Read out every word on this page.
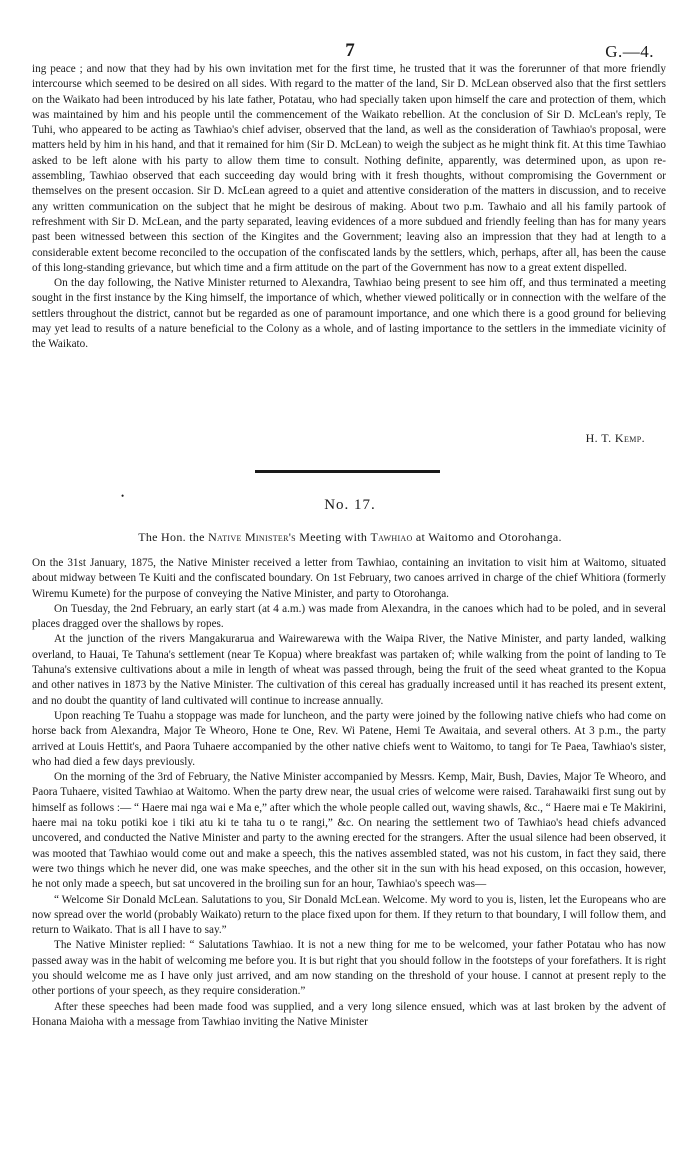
7	G.—4.

ing peace ; and now that they had by his own invitation met for the first time, he trusted that it was the forerunner of that more friendly intercourse which seemed to be desired on all sides. With regard to the matter of the land, Sir D. McLean observed also that the first settlers on the Waikato had been introduced by his late father, Potatau, who had specially taken upon himself the care and protection of them, which was maintained by him and his people until the commencement of the Waikato rebellion. At the conclusion of Sir D. McLean's reply, Te Tuhi, who appeared to be acting as Tawhiao's chief adviser, observed that the land, as well as the consideration of Tawhiao's proposal, were matters held by him in his hand, and that it remained for him (Sir D. McLean) to weigh the subject as he might think fit. At this time Tawhiao asked to be left alone with his party to allow them time to consult. Nothing definite, apparently, was determined upon, as upon re-assembling, Tawhiao observed that each succeeding day would bring with it fresh thoughts, without compromising the Government or themselves on the present occasion. Sir D. McLean agreed to a quiet and attentive consideration of the matters in discussion, and to receive any written communication on the subject that he might be desirous of making. About two p.m. Tawhaio and all his family partook of refreshment with Sir D. McLean, and the party separated, leaving evidences of a more subdued and friendly feeling than has for many years past been witnessed between this section of the Kingites and the Government; leaving also an impression that they had at length to a considerable extent become reconciled to the occupation of the confiscated lands by the settlers, which, perhaps, after all, has been the cause of this long-standing grievance, but which time and a firm attitude on the part of the Government has now to a great extent dispelled.

On the day following, the Native Minister returned to Alexandra, Tawhiao being present to see him off, and thus terminated a meeting sought in the first instance by the King himself, the importance of which, whether viewed politically or in connection with the welfare of the settlers throughout the district, cannot but be regarded as one of paramount importance, and one which there is a good ground for believing may yet lead to results of a nature beneficial to the Colony as a whole, and of lasting importance to the settlers in the immediate vicinity of the Waikato.

H. T. Kemp.
•
No. 17.
The Hon. the Native Minister's Meeting with Tawhiao at Waitomo and Otorohanga.

On the 31st January, 1875, the Native Minister received a letter from Tawhiao, containing an invitation to visit him at Waitomo, situated about midway between Te Kuiti and the confiscated boundary. On 1st February, two canoes arrived in charge of the chief Whitiora (formerly Wiremu Kumete) for the purpose of conveying the Native Minister, and party to Otorohanga.

On Tuesday, the 2nd February, an early start (at 4 a.m.) was made from Alexandra, in the canoes which had to be poled, and in several places dragged over the shallows by ropes.

At the junction of the rivers Mangakurarua and Wairewarewa with the Waipa River, the Native Minister, and party landed, walking overland, to Hauai, Te Tahuna's settlement (near Te Kopua) where breakfast was partaken of; while walking from the point of landing to Te Tahuna's extensive cultivations about a mile in length of wheat was passed through, being the fruit of the seed wheat granted to the Kopua and other natives in 1873 by the Native Minister. The cultivation of this cereal has gradually increased until it has reached its present extent, and no doubt the quantity of land cultivated will continue to increase annually.

Upon reaching Te Tuahu a stoppage was made for luncheon, and the party were joined by the following native chiefs who had come on horse back from Alexandra, Major Te Wheoro, Hone te One, Rev. Wi Patene, Hemi Te Awaitaia, and several others. At 3 p.m., the party arrived at Louis Hettit's, and Paora Tuhaere accompanied by the other native chiefs went to Waitomo, to tangi for Te Paea, Tawhiao's sister, who had died a few days previously.

On the morning of the 3rd of February, the Native Minister accompanied by Messrs. Kemp, Mair, Bush, Davies, Major Te Wheoro, and Paora Tuhaere, visited Tawhiao at Waitomo. When the party drew near, the usual cries of welcome were raised. Tarahawaiki first sung out by himself as follows :— “ Haere mai nga wai e Ma e,” after which the whole people called out, waving shawls, &c., “ Haere mai e Te Makirini, haere mai na toku potiki koe i tiki atu ki te taha tu o te rangi,” &c. On nearing the settlement two of Tawhiao's head chiefs advanced uncovered, and conducted the Native Minister and party to the awning erected for the strangers. After the usual silence had been observed, it was mooted that Tawhiao would come out and make a speech, this the natives assembled stated, was not his custom, in fact they said, there were two things which he never did, one was make speeches, and the other sit in the sun with his head exposed, on this occasion, however, he not only made a speech, but sat uncovered in the broiling sun for an hour, Tawhiao's speech was—

“ Welcome Sir Donald McLean. Salutations to you, Sir Donald McLean. Welcome. My word to you is, listen, let the Europeans who are now spread over the world (probably Waikato) return to the place fixed upon for them. If they return to that boundary, I will follow them, and return to Waikato. That is all I have to say.”

The Native Minister replied: “ Salutations Tawhiao. It is not a new thing for me to be welcomed, your father Potatau who has now passed away was in the habit of welcoming me before you. It is but right that you should follow in the footsteps of your forefathers. It is right you should welcome me as I have only just arrived, and am now standing on the threshold of your house. I cannot at present reply to the other portions of your speech, as they require consideration.”

After these speeches had been made food was supplied, and a very long silence ensued, which was at last broken by the advent of Honana Maioha with a message from Tawhiao inviting the Native Minister
